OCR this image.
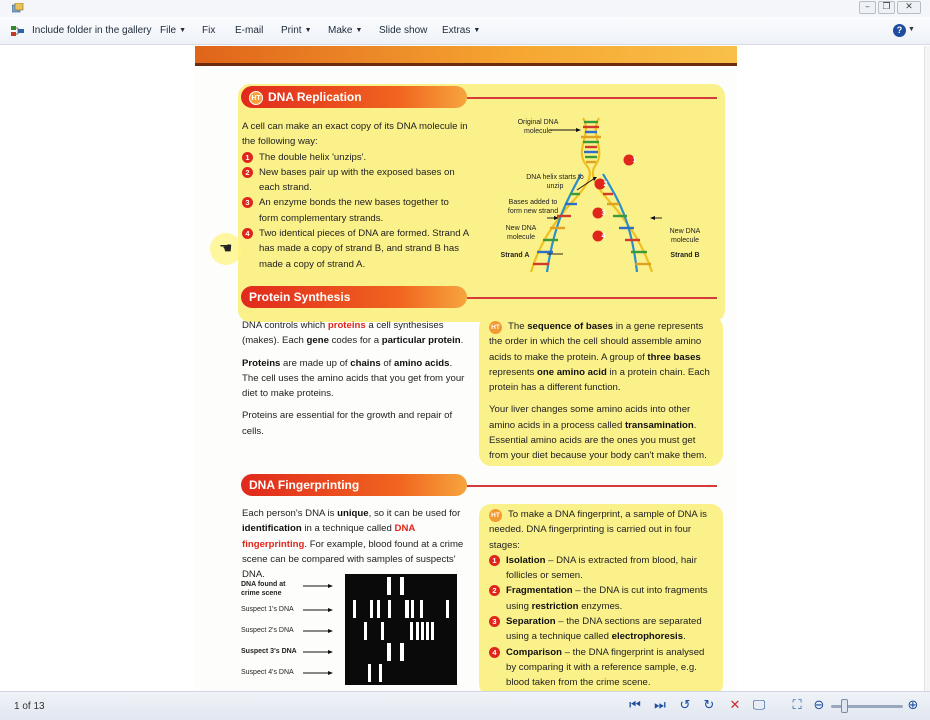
–	❐	✕
Include folder in the gallery File ▼ Fix E-mail Print ▼ Make ▼ Slide show Extras ▼	? ▼
HT DNA Replication
A cell can make an exact copy of its DNA molecule in the following way:
1 The double helix 'unzips'.
2 New bases pair up with the exposed bases on each strand.
3 An enzyme bonds the new bases together to form complementary strands.
4 Two identical pieces of DNA are formed. Strand A has made a copy of strand B, and strand B has made a copy of strand A.
Original DNA molecule
DNA helix starts to unzip
Bases added to form new strand
New DNA molecule
New DNA molecule
Strand A	Strand B
1
2
3
4
Protein Synthesis
DNA controls which proteins a cell synthesises (makes). Each gene codes for a particular protein.
Proteins are made up of chains of amino acids. The cell uses the amino acids that you get from your diet to make proteins.
Proteins are essential for the growth and repair of cells.
HT The sequence of bases in a gene represents the order in which the cell should assemble amino acids to make the protein. A group of three bases represents one amino acid in a protein chain. Each protein has a different function.
Your liver changes some amino acids into other amino acids in a process called transamination. Essential amino acids are the ones you must get from your diet because your body can't make them.
DNA Fingerprinting
Each person's DNA is unique, so it can be used for identification in a technique called DNA fingerprinting. For example, blood found at a crime scene can be compared with samples of suspects' DNA.
DNA found at crime scene
Suspect 1's DNA
Suspect 2's DNA
Suspect 3's DNA
Suspect 4's DNA
HT To make a DNA fingerprint, a sample of DNA is needed. DNA fingerprinting is carried out in four stages:
1 Isolation – DNA is extracted from blood, hair follicles or semen.
2 Fragmentation – the DNA is cut into fragments using restriction enzymes.
3 Separation – the DNA sections are separated using a technique called electrophoresis.
4 Comparison – the DNA fingerprint is analysed by comparing it with a reference sample, e.g. blood taken from the crime scene.
☚
1 of 13	⏮ ⏭ ↺ ↻ ✕ 🖵 ⛶ ⊖	⊕
